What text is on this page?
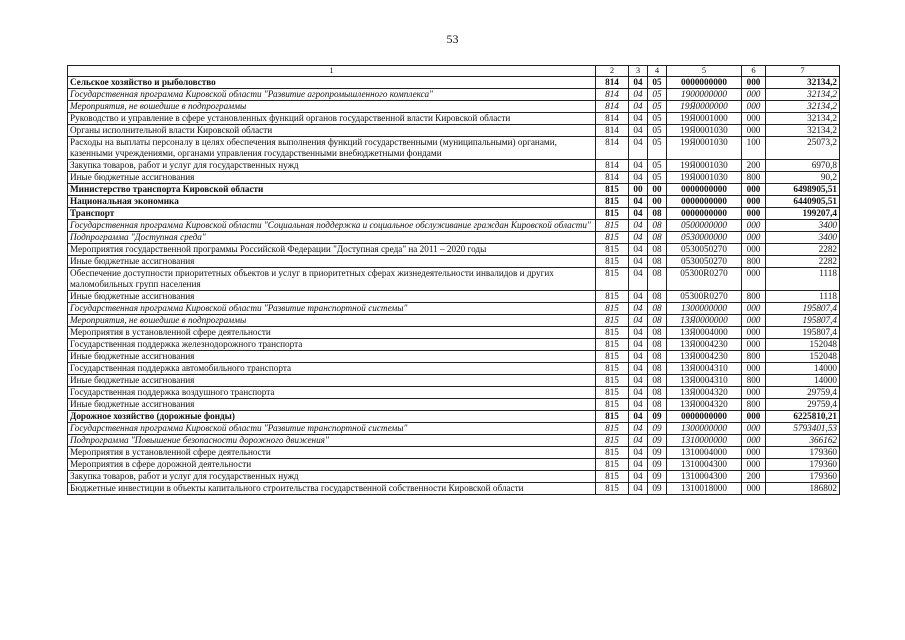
53
1	2	3	4	5	6	7
Сельское хозяйство и рыболовство	814	04	05	0000000000	000	32134,2
Государственная программа Кировской области "Развитие агропромышленного комплекса"	814	04	05	1900000000	000	32134,2
Мероприятия, не вошедшие в подпрограммы	814	04	05	19Я0000000	000	32134,2
Руководство и управление в сфере установленных функций органов государственной власти Кировской области	814	04	05	19Я0001000	000	32134,2
Органы исполнительной власти Кировской области	814	04	05	19Я0001030	000	32134,2
Расходы на выплаты персоналу в целях обеспечения выполнения функций государственными (муниципальными) органами, казенными учреждениями, органами управления государственными внебюджетными фондами	814	04	05	19Я0001030	100	25073,2
Закупка товаров, работ и услуг для государственных нужд	814	04	05	19Я0001030	200	6970,8
Иные бюджетные ассигнования	814	04	05	19Я0001030	800	90,2
Министерство транспорта Кировской области	815	00	00	0000000000	000	6498905,51
Национальная экономика	815	04	00	0000000000	000	6440905,51
Транспорт	815	04	08	0000000000	000	199207,4
Государственная программа Кировской области "Социальная поддержка и социальное обслуживание граждан Кировской области"	815	04	08	0500000000	000	3400
Подпрограмма "Доступная среда"	815	04	08	0530000000	000	3400
Мероприятия государственной программы Российской Федерации "Доступная среда" на 2011 – 2020 годы	815	04	08	0530050270	000	2282
Иные бюджетные ассигнования	815	04	08	0530050270	800	2282
Обеспечение доступности приоритетных объектов и услуг в приоритетных сферах жизнедеятельности инвалидов и других маломобильных групп населения	815	04	08	05300R0270	000	1118
Иные бюджетные ассигнования	815	04	08	05300R0270	800	1118
Государственная программа Кировской области "Развитие транспортной системы"	815	04	08	1300000000	000	195807,4
Мероприятия, не вошедшие в подпрограммы	815	04	08	13Я0000000	000	195807,4
Мероприятия в установленной сфере деятельности	815	04	08	13Я0004000	000	195807,4
Государственная поддержка железнодорожного транспорта	815	04	08	13Я0004230	000	152048
Иные бюджетные ассигнования	815	04	08	13Я0004230	800	152048
Государственная поддержка автомобильного транспорта	815	04	08	13Я0004310	000	14000
Иные бюджетные ассигнования	815	04	08	13Я0004310	800	14000
Государственная поддержка воздушного транспорта	815	04	08	13Я0004320	000	29759,4
Иные бюджетные ассигнования	815	04	08	13Я0004320	800	29759,4
Дорожное хозяйство (дорожные фонды)	815	04	09	0000000000	000	6225810,21
Государственная программа Кировской области "Развитие транспортной системы"	815	04	09	1300000000	000	5793401,53
Подпрограмма "Повышение безопасности дорожного движения"	815	04	09	1310000000	000	366162
Мероприятия в установленной сфере деятельности	815	04	09	1310004000	000	179360
Мероприятия в сфере дорожной деятельности	815	04	09	1310004300	000	179360
Закупка товаров, работ и услуг для государственных нужд	815	04	09	1310004300	200	179360
Бюджетные инвестиции в объекты капитального строительства государственной собственности Кировской области	815	04	09	1310018000	000	186802
